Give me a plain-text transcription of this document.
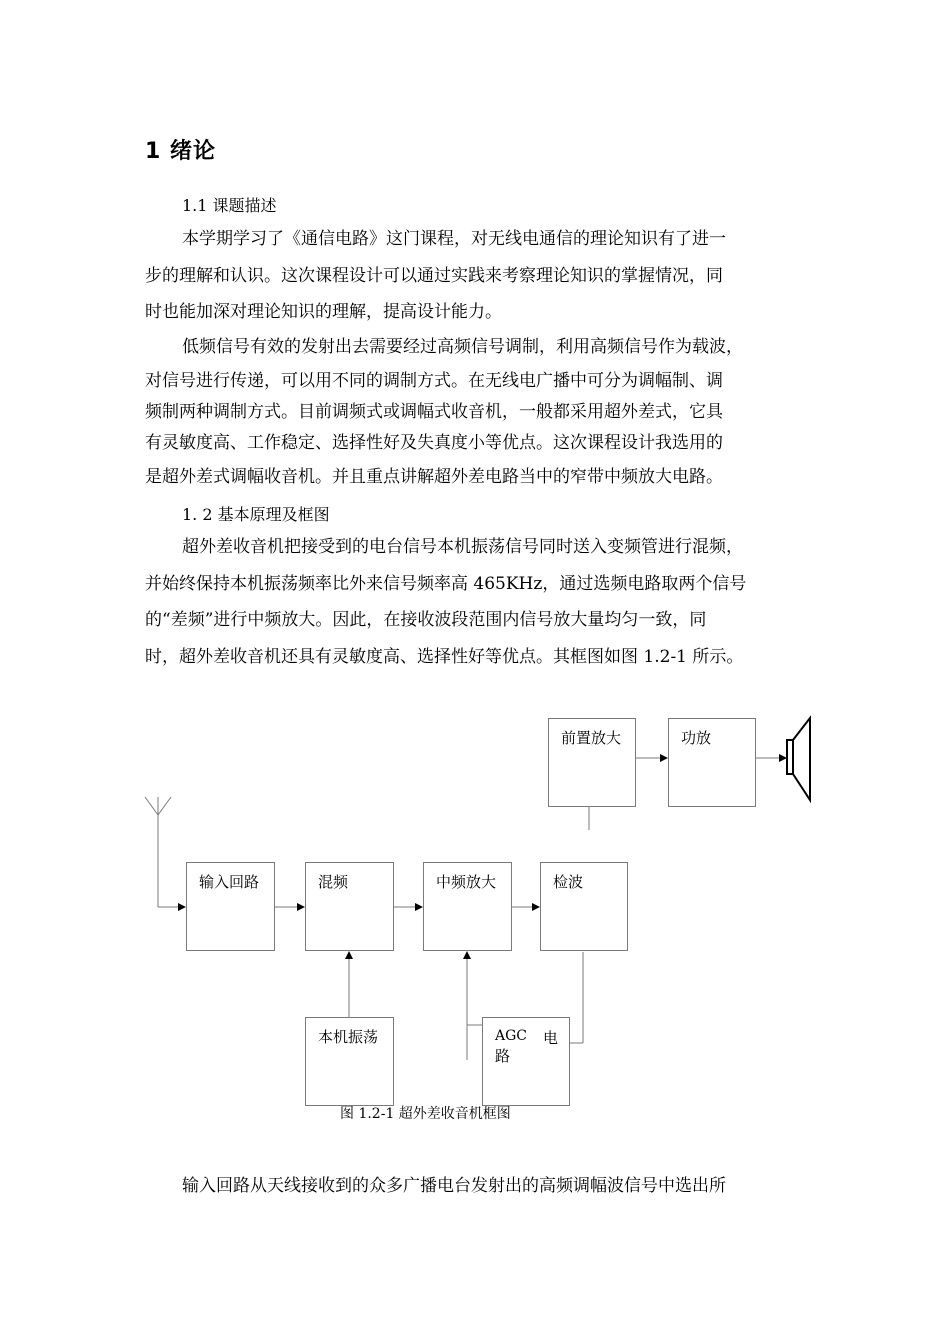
1 绪论
1.1 课题描述
本学期学习了《通信电路》这门课程，对无线电通信的理论知识有了进一
步的理解和认识。这次课程设计可以通过实践来考察理论知识的掌握情况，同
时也能加深对理论知识的理解，提高设计能力。
低频信号有效的发射出去需要经过高频信号调制，利用高频信号作为载波，
对信号进行传递，可以用不同的调制方式。在无线电广播中可分为调幅制、调
频制两种调制方式。目前调频式或调幅式收音机，一般都采用超外差式，它具
有灵敏度高、工作稳定、选择性好及失真度小等优点。这次课程设计我选用的
是超外差式调幅收音机。并且重点讲解超外差电路当中的窄带中频放大电路。
1. 2 基本原理及框图
超外差收音机把接受到的电台信号本机振荡信号同时送入变频管进行混频，
并始终保持本机振荡频率比外来信号频率高 465KHz，通过选频电路取两个信号
的“差频”进行中频放大。因此，在接收波段范围内信号放大量均匀一致，同
时，超外差收音机还具有灵敏度高、选择性好等优点。其框图如图 1.2-1 所示。
前置放大	功放
输入回路	混频	中频放大	检波
本机振荡	AGC 电
路
图 1.2-1 超外差收音机框图
输入回路从天线接收到的众多广播电台发射出的高频调幅波信号中选出所
